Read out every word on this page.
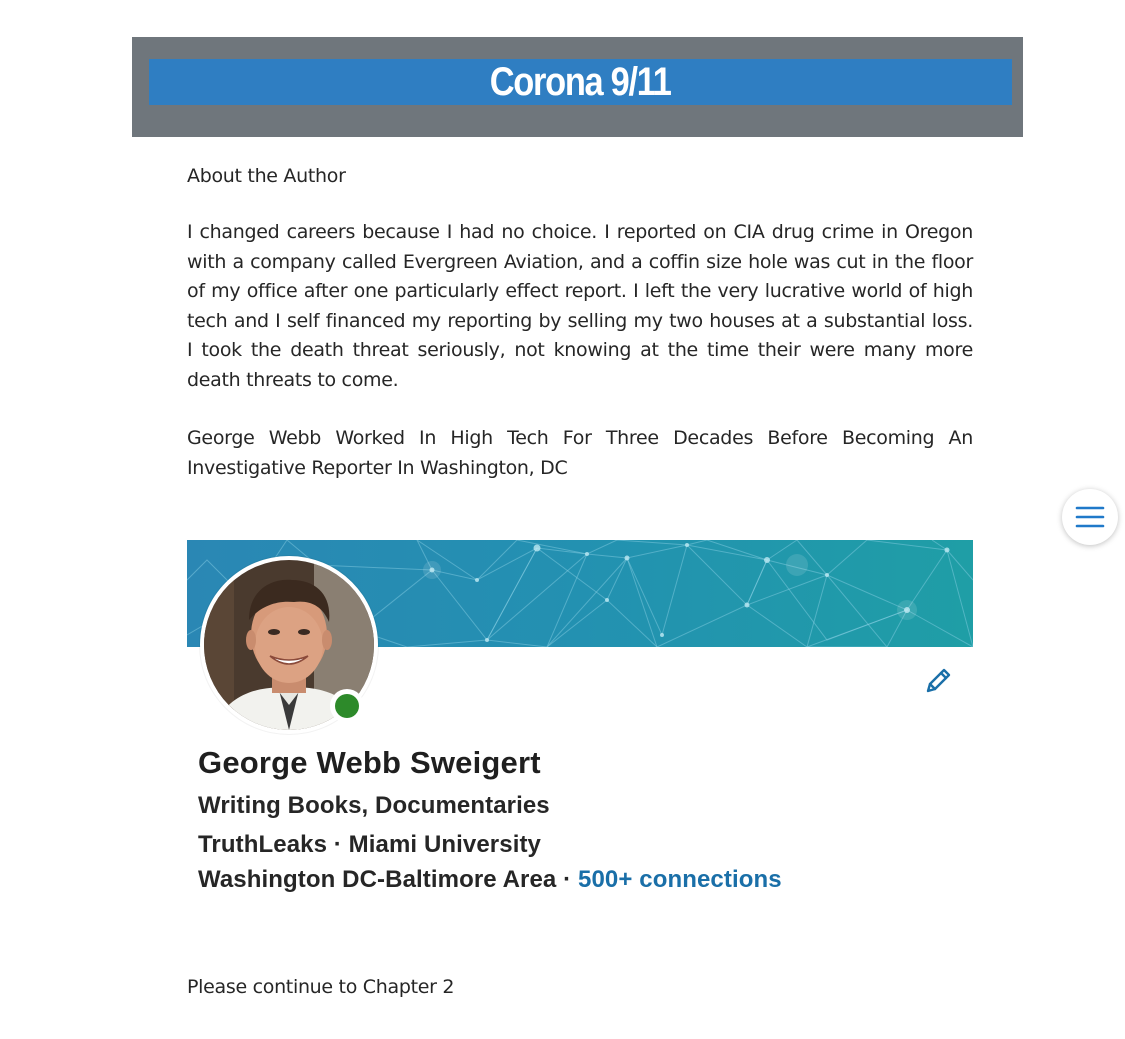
Corona 9/11
About the Author
I changed careers because I had no choice. I reported on CIA drug crime in Oregon with a company called Evergreen Aviation, and a coffin size hole was cut in the floor of my office after one particularly effect report. I left the very lucrative world of high tech and I self financed my reporting by selling my two houses at a substantial loss. I took the death threat seriously, not knowing at the time their were many more death threats to come.
George Webb Worked In High Tech For Three Decades Before Becoming An Investigative Reporter In Washington, DC
George Webb Sweigert
Writing Books, Documentaries
TruthLeaks · Miami University
Washington DC-Baltimore Area · 500+ connections
Please continue to Chapter 2
